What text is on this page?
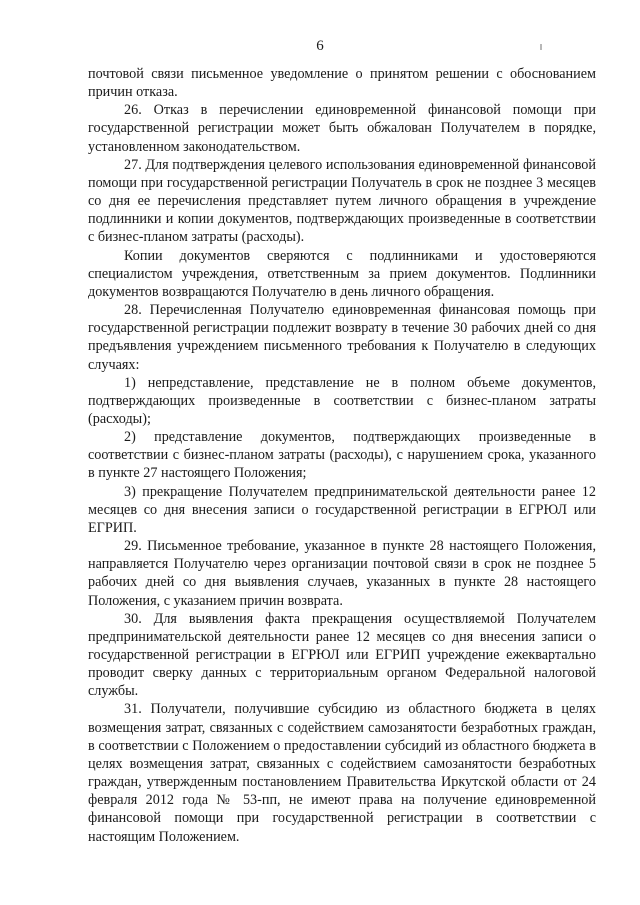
6

почтовой связи письменное уведомление о принятом решении с обоснованием причин отказа.

26. Отказ в перечислении единовременной финансовой помощи при государственной регистрации может быть обжалован Получателем в порядке, установленном законодательством.

27. Для подтверждения целевого использования единовременной финансовой помощи при государственной регистрации Получатель в срок не позднее 3 месяцев со дня ее перечисления представляет путем личного обращения в учреждение подлинники и копии документов, подтверждающих произведенные в соответствии с бизнес-планом затраты (расходы).

Копии документов сверяются с подлинниками и удостоверяются специалистом учреждения, ответственным за прием документов. Подлинники документов возвращаются Получателю в день личного обращения.

28. Перечисленная Получателю единовременная финансовая помощь при государственной регистрации подлежит возврату в течение 30 рабочих дней со дня предъявления учреждением письменного требования к Получателю в следующих случаях:

1) непредставление, представление не в полном объеме документов, подтверждающих произведенные в соответствии с бизнес-планом затраты (расходы);

2) представление документов, подтверждающих произведенные в соответствии с бизнес-планом затраты (расходы), с нарушением срока, указанного в пункте 27 настоящего Положения;

3) прекращение Получателем предпринимательской деятельности ранее 12 месяцев со дня внесения записи о государственной регистрации в ЕГРЮЛ или ЕГРИП.

29. Письменное требование, указанное в пункте 28 настоящего Положения, направляется Получателю через организации почтовой связи в срок не позднее 5 рабочих дней со дня выявления случаев, указанных в пункте 28 настоящего Положения, с указанием причин возврата.

30. Для выявления факта прекращения осуществляемой Получателем предпринимательской деятельности ранее 12 месяцев со дня внесения записи о государственной регистрации в ЕГРЮЛ или ЕГРИП учреждение ежеквартально проводит сверку данных с территориальным органом Федеральной налоговой службы.

31. Получатели, получившие субсидию из областного бюджета в целях возмещения затрат, связанных с содействием самозанятости безработных граждан, в соответствии с Положением о предоставлении субсидий из областного бюджета в целях возмещения затрат, связанных с содействием самозанятости безработных граждан, утвержденным постановлением Правительства Иркутской области от 24 февраля 2012 года № 53-пп, не имеют права на получение единовременной финансовой помощи при государственной регистрации в соответствии с настоящим Положением.
